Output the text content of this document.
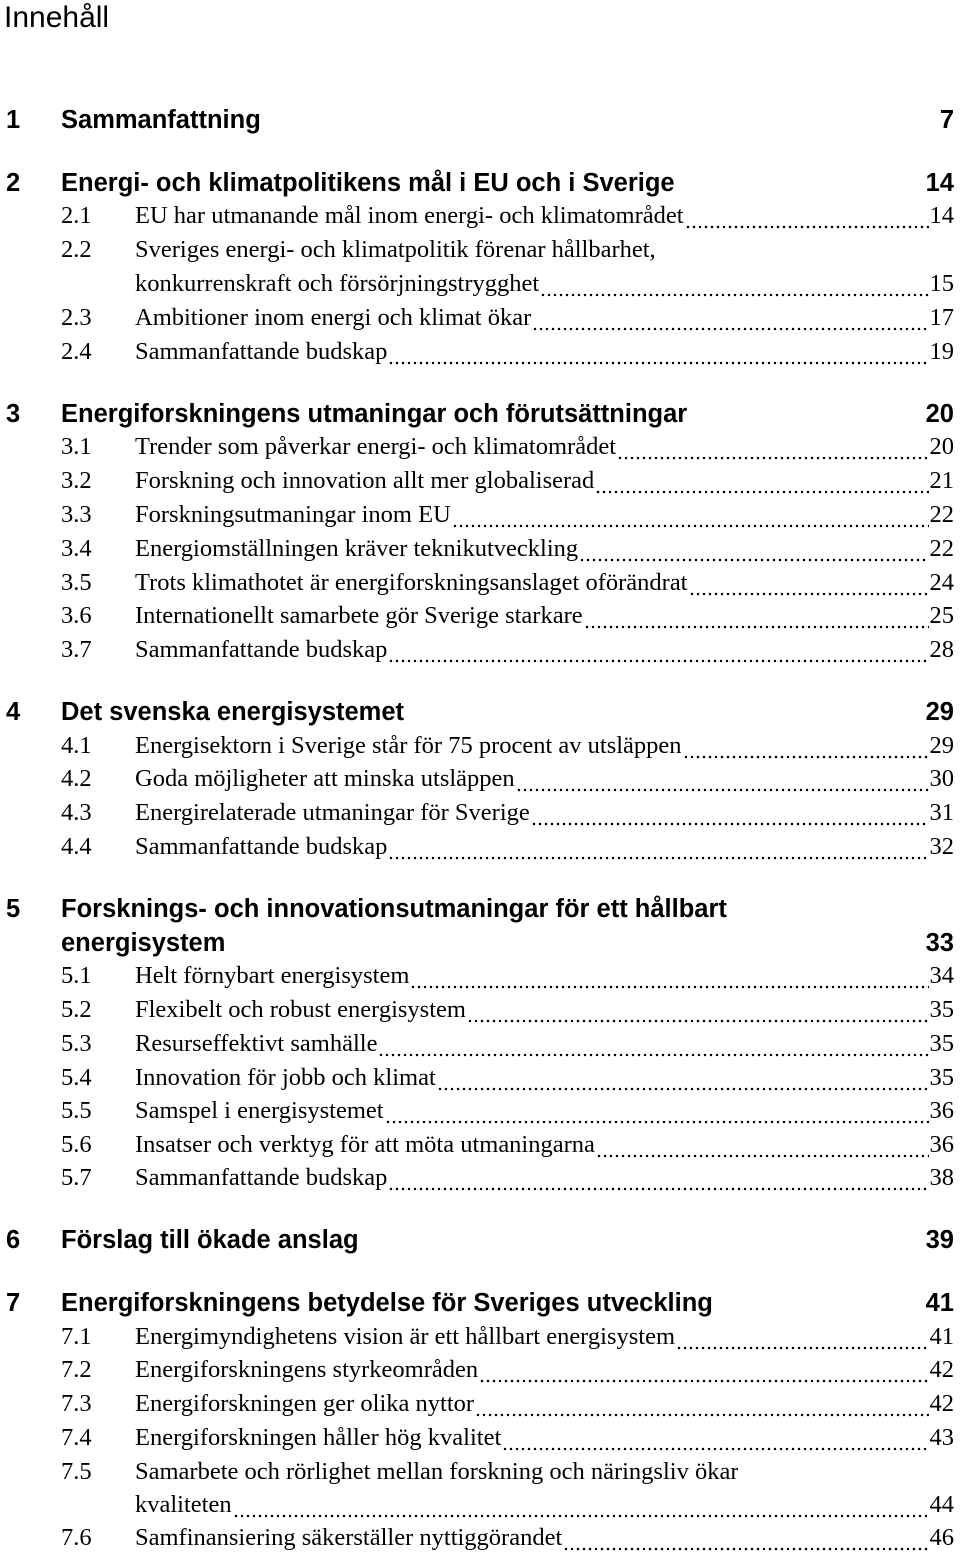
Innehåll
1 Sammanfattning	7
2 Energi- och klimatpolitikens mål i EU och i Sverige	14
2.1 EU har utmanande mål inom energi- och klimatområdet	14
2.2 Sveriges energi- och klimatpolitik förenar hållbarhet,
konkurrenskraft och försörjningstrygghet	15
2.3 Ambitioner inom energi och klimat ökar	17
2.4 Sammanfattande budskap	19
3 Energiforskningens utmaningar och förutsättningar	20
3.1 Trender som påverkar energi- och klimatområdet	20
3.2 Forskning och innovation allt mer globaliserad	21
3.3 Forskningsutmaningar inom EU	22
3.4 Energiomställningen kräver teknikutveckling	22
3.5 Trots klimathotet är energiforskningsanslaget oförändrat	24
3.6 Internationellt samarbete gör Sverige starkare	25
3.7 Sammanfattande budskap	28
4 Det svenska energisystemet	29
4.1 Energisektorn i Sverige står för 75 procent av utsläppen	29
4.2 Goda möjligheter att minska utsläppen	30
4.3 Energirelaterade utmaningar för Sverige	31
4.4 Sammanfattande budskap	32
5 Forsknings- och innovationsutmaningar för ett hållbart
energisystem	33
5.1 Helt förnybart energisystem	34
5.2 Flexibelt och robust energisystem	35
5.3 Resurseffektivt samhälle	35
5.4 Innovation för jobb och klimat	35
5.5 Samspel i energisystemet	36
5.6 Insatser och verktyg för att möta utmaningarna	36
5.7 Sammanfattande budskap	38
6 Förslag till ökade anslag	39
7 Energiforskningens betydelse för Sveriges utveckling	41
7.1 Energimyndighetens vision är ett hållbart energisystem	41
7.2 Energiforskningens styrkeområden	42
7.3 Energiforskningen ger olika nyttor	42
7.4 Energiforskningen håller hög kvalitet	43
7.5 Samarbete och rörlighet mellan forskning och näringsliv ökar
kvaliteten	44
7.6 Samfinansiering säkerställer nyttiggörandet	46
